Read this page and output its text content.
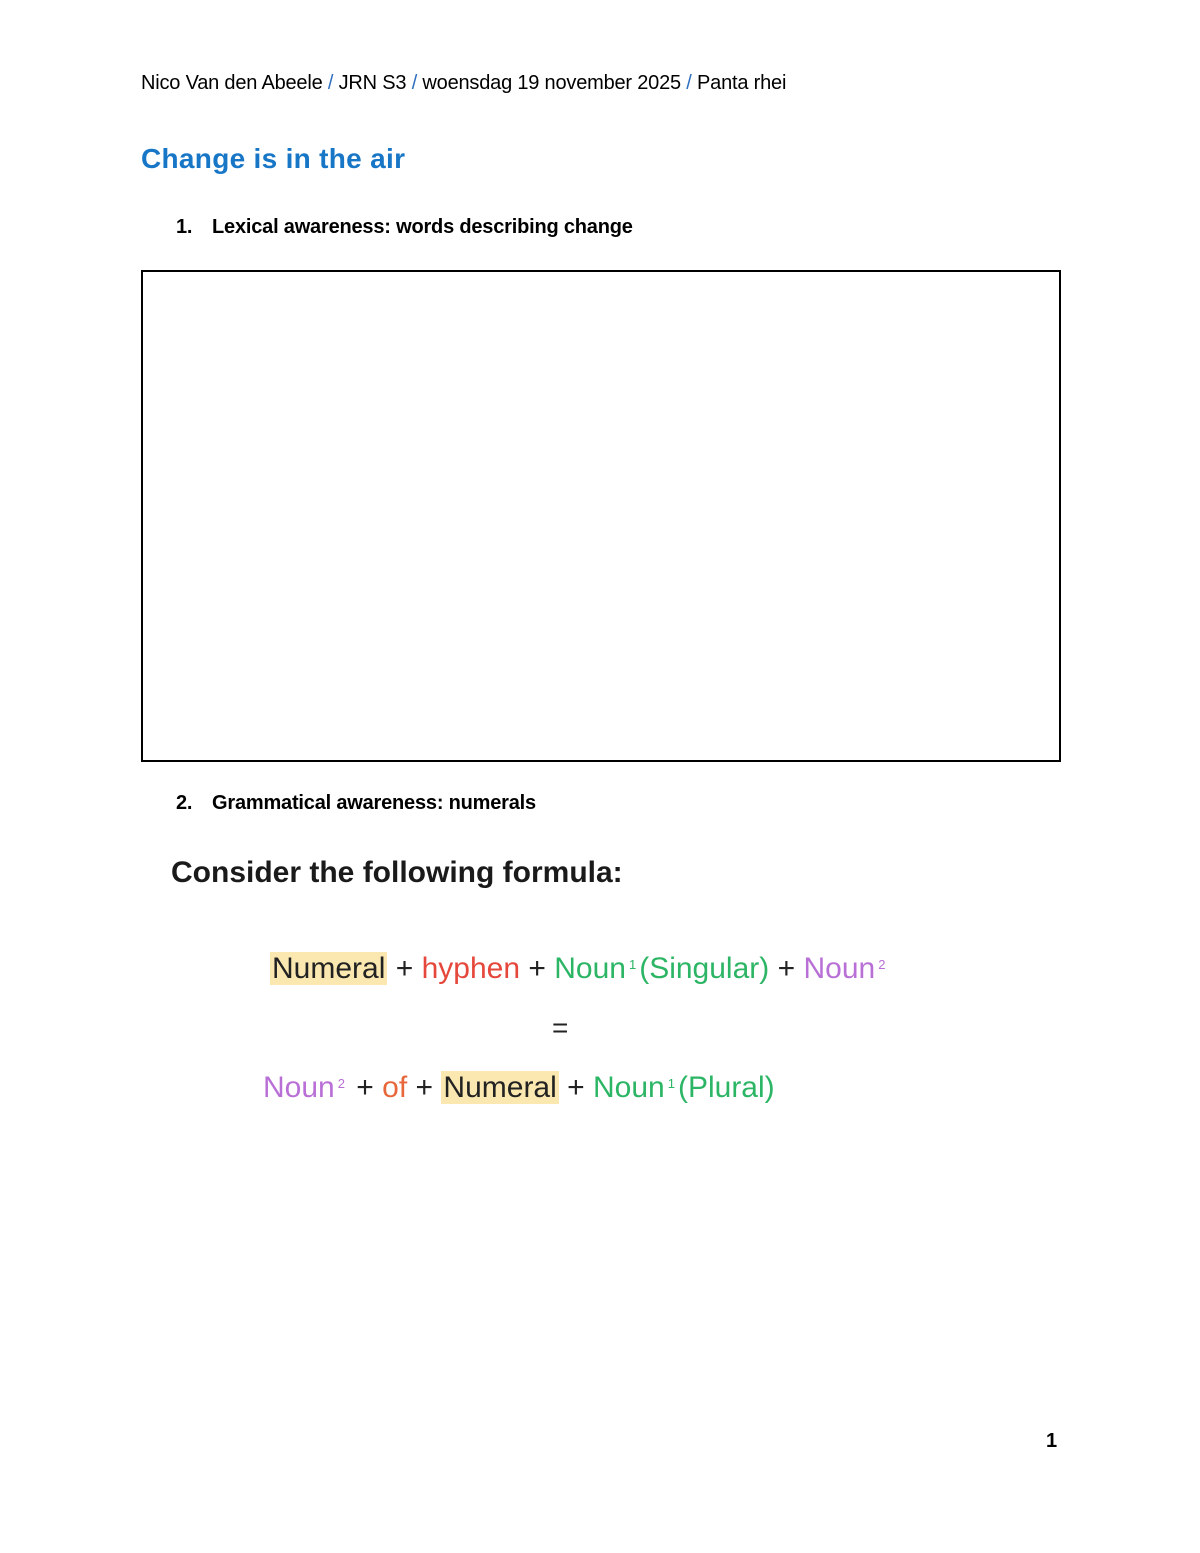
Nico Van den Abeele / JRN S3 / woensdag 19 november 2025 / Panta rhei
Change is in the air
1. Lexical awareness: words describing change
2. Grammatical awareness: numerals
Consider the following formula:
Numeral + hyphen + Noun $^1$ (Singular) + Noun $^2$
=
Noun $^2$ + of + Numeral + Noun $^1$ (Plural)
1
